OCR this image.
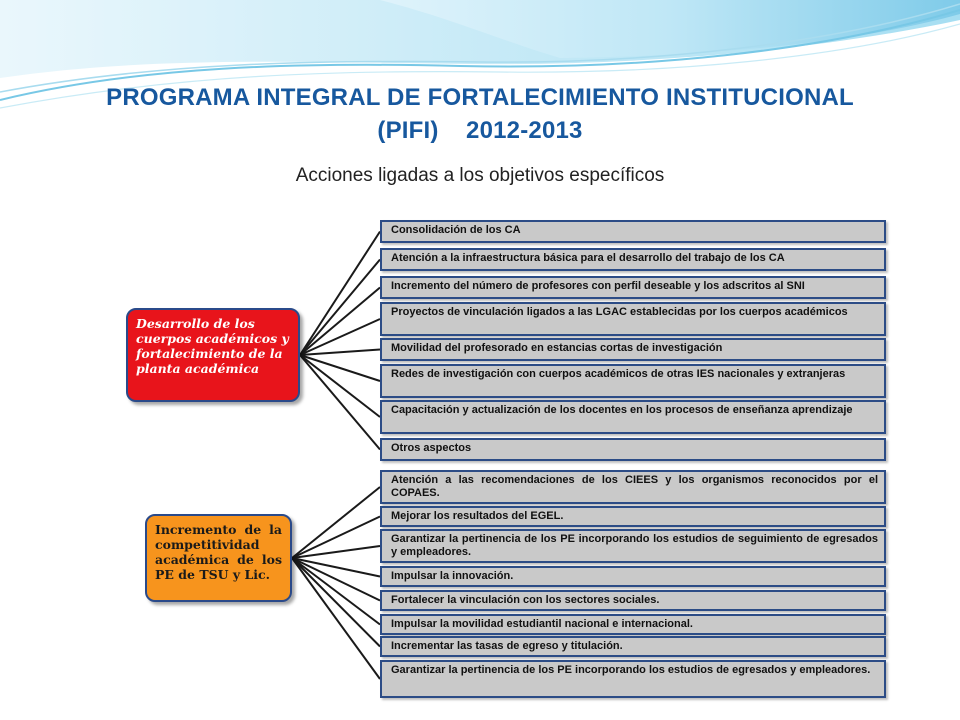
PROGRAMA INTEGRAL DE FORTALECIMIENTO INSTITUCIONAL
(PIFI)    2012-2013
Acciones ligadas a los objetivos específicos
Desarrollo de los cuerpos académicos y fortalecimiento de la planta académica
Incremento de la competitividad académica de los PE de TSU y Lic.
Consolidación de los CA
Atención a la infraestructura básica para el desarrollo del trabajo de los CA
Incremento del número de profesores con perfil deseable y los adscritos al SNI
Proyectos de vinculación ligados a las LGAC establecidas por los cuerpos académicos
Movilidad del profesorado en estancias cortas de investigación
Redes de investigación con cuerpos académicos de otras IES nacionales y extranjeras
Capacitación y actualización de los docentes en los procesos de enseñanza aprendizaje
Otros aspectos
Atención a las recomendaciones de los CIEES y los organismos reconocidos por el COPAES.
Mejorar los resultados del EGEL.
Garantizar la pertinencia de los PE incorporando los estudios de seguimiento de egresados y empleadores.
Impulsar la innovación.
Fortalecer la vinculación con los sectores sociales.
Impulsar la movilidad estudiantil nacional e internacional.
Incrementar las tasas de egreso y titulación.
Garantizar la pertinencia de los PE incorporando los estudios de egresados y empleadores.
